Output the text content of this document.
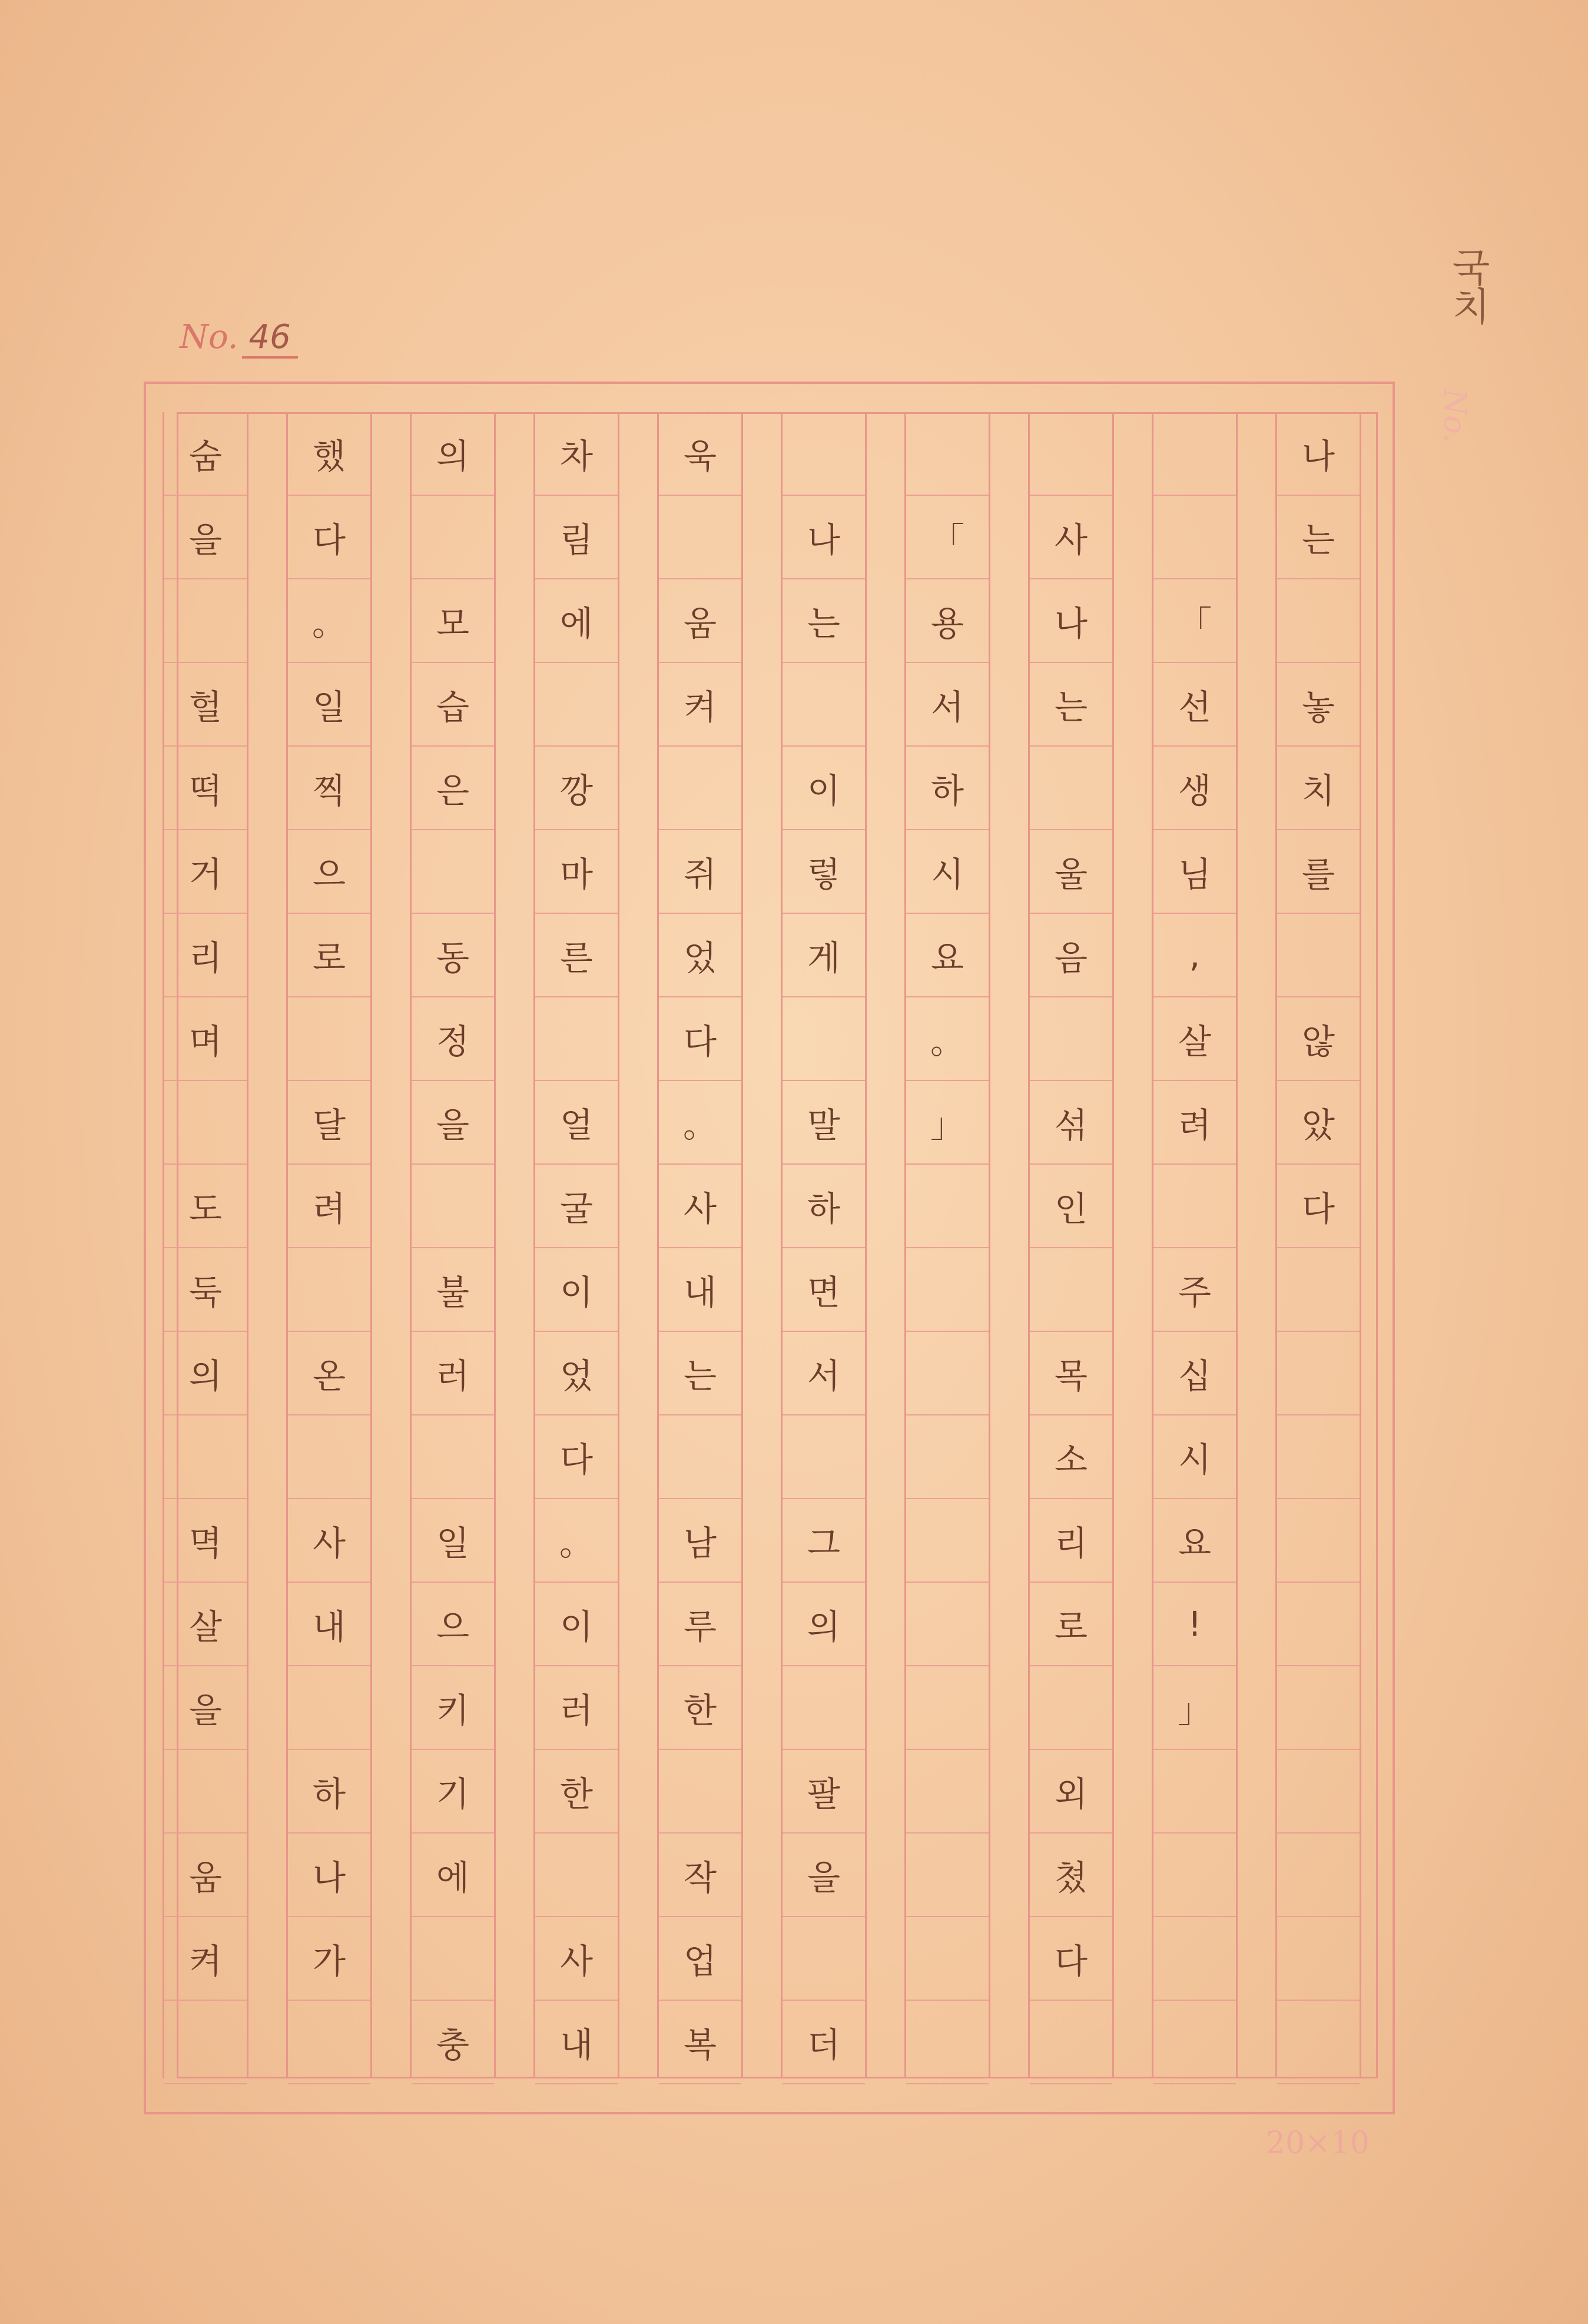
No. 46
국치
No.
나
는
놓
치
를
않
았
다
「
선
생
님
,
살
려
주
십
시
요
!
」
사
나
는
울
음
섞
인
목
소
리
로
외
쳤
다
「
용
서
하
시
요
。
」
나
는
이
렇
게
말
하
면
서
그
의
팔
을
더
욱
움
켜
쥐
었
다
。
사
내
는
남
루
한
작
업
복
차
림
에
깡
마
른
얼
굴
이
었
다
。
이
러
한
사
내
의
모
습
은
동
정
을
불
러
일
으
키
기
에
충
했
다
。
일
찍
으
로
달
려
온
사
내
하
나
가
숨
을
헐
떡
거
리
며
도
둑
의
멱
살
을
움
켜
20×10
